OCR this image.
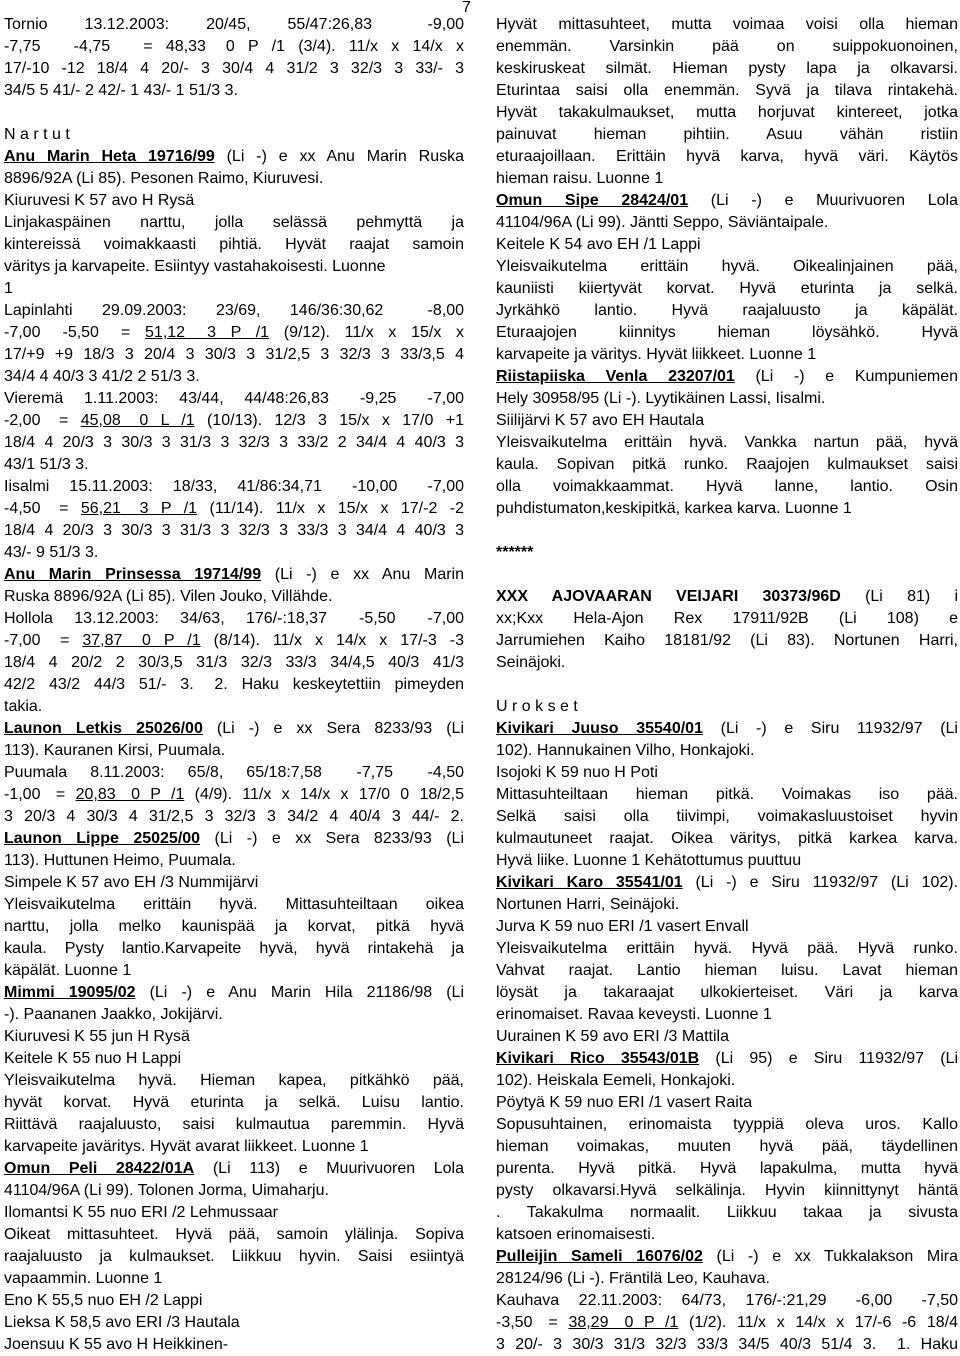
7
Tornio  13.12.2003:  20/45,  55/47:26,83   -9,00
-7,75     -4,75     =  48,33   0  P  /1  (3/4).  11/x  x  14/x  x
17/-10  -12  18/4  4  20/-  3  30/4  4  31/2  3  32/3  3  33/-  3
34/5 5 41/- 2 42/- 1 43/- 1 51/3 3.
N a r t u t
Anu Marin Heta 19716/99 (Li -) e xx Anu Marin Ruska
8896/92A (Li 85). Pesonen Raimo, Kiuruvesi.
Kiuruvesi K 57 avo H Rysä
Linjakaspäinen  narttu,  jolla  selässä  pehmyttä  ja
kintereissä  voimakkaasti  pihtiä.  Hyvät  raajat  samoin
väritys ja karvapeite. Esiintyy vastahakoisesti. Luonne
1
Lapinlahti  29.09.2003:  23/69,  146/36:30,62   -8,00
-7,00   -5,50   =  51,12   3  P  /1  (9/12).  11/x  x  15/x  x
17/+9 +9 18/3 3 20/4 3 30/3 3 31/2,5 3 32/3 3 33/3,5 4
34/4 4 40/3 3 41/2 2 51/3 3.
Vieremä  1.11.2003:  43/44,  44/48:26,83   -9,25   -7,00
-2,00   =  45,08   0  L  /1  (10/13).  12/3  3  15/x  x  17/0  +1
18/4 4 20/3 3 30/3 3 31/3 3 32/3 3 33/2 2 34/4 4 40/3 3
43/1 51/3 3.
Iisalmi  15.11.2003:  18/33,  41/86:34,71   -10,00   -7,00
-4,50   =  56,21   3  P  /1  (11/14).  11/x  x  15/x  x  17/-2  -2
18/4 4 20/3 3 30/3 3 31/3 3 32/3 3 33/3 3 34/4 4 40/3 3
43/- 9 51/3 3.
Anu Marin Prinsessa 19714/99 (Li -) e xx Anu Marin
Ruska 8896/92A (Li 85). Vilen Jouko, Villähde.
Hollola  13.12.2003:  34/63,  176/-:18,37   -5,50   -7,00
-7,00   =  37,87   0  P  /1  (8/14).  11/x  x  14/x  x  17/-3  -3
18/4 4 20/2 2 30/3,5 31/3 32/3 33/3 34/4,5 40/3 41/3
42/2  43/2  44/3  51/-  3.   2.  Haku  keskeytettiin  pimeyden
takia.
Launon Letkis 25026/00 (Li -) e xx Sera 8233/93 (Li
113). Kauranen Kirsi, Puumala.
Puumala  8.11.2003:  65/8,  65/18:7,58   -7,75   -4,50
-1,00   =  20,83   0  P  /1  (4/9).  11/x  x  14/x  x  17/0  0  18/2,5
3 20/3 4 30/3 4 31/2,5 3 32/3 3 34/2 4 40/4 3 44/- 2.
Launon Lippe 25025/00 (Li -) e xx Sera 8233/93 (Li
113). Huttunen Heimo, Puumala.
Simpele K 57 avo EH /3 Nummijärvi
Yleisvaikutelma  erittäin  hyvä.  Mittasuhteiltaan  oikea
narttu,  jolla  melko  kaunispää  ja  korvat,  pitkä  hyvä
kaula.  Pysty  lantio.Karvapeite  hyvä,  hyvä  rintakehä  ja
käpälät. Luonne 1
Mimmi 19095/02 (Li -) e Anu Marin Hila 21186/98 (Li
-). Paananen Jaakko, Jokijärvi.
Kiuruvesi K 55 jun H Rysä
Keitele K 55 nuo H Lappi
Yleisvaikutelma  hyvä.  Hieman  kapea,  pitkähkö  pää,
hyvät  korvat.  Hyvä  eturinta  ja  selkä.  Luisu  lantio.
Riittävä  raajaluusto,  saisi  kulmautua  paremmin.  Hyvä
karvapeite javäritys. Hyvät avarat liikkeet. Luonne 1
Omun Peli 28422/01A (Li 113) e Muurivuoren Lola
41104/96A (Li 99). Tolonen Jorma, Uimaharju.
Ilomantsi K 55 nuo ERI /2 Lehmussaar
Oikeat  mittasuhteet.  Hyvä  pää,  samoin  ylälinja.  Sopiva
raajaluusto  ja  kulmaukset.  Liikkuu  hyvin.  Saisi  esiintyä
vapaammin. Luonne 1
Eno K 55,5 nuo EH /2 Lappi
Lieksa K 58,5 avo ERI /3 Hautala
Joensuu K 55 avo H Heikkinen-
Hyvät  mittasuhteet,  mutta  voimaa  voisi  olla  hieman
enemmän.   Varsinkin   pää   on   suippokuonoinen,
keskiruskeat  silmät.  Hieman  pysty  lapa  ja  olkavarsi.
Eturintaa  saisi  olla  enemmän.  Syvä  ja  tilava  rintakehä.
Hyvät  takakulmaukset,  mutta  horjuvat  kintereet,  jotka
painuvat    hieman    pihtiin.    Asuu    vähän    ristiin
eturaajoillaan.  Erittäin  hyvä  karva,  hyvä  väri.  Käytös
hieman raisu. Luonne 1
Omun  Sipe  28424/01  (Li  -)  e  Muurivuoren  Lola
41104/96A (Li 99). Jäntti Seppo, Säviäntaipale.
Keitele K 54 avo EH /1 Lappi
Yleisvaikutelma   erittäin   hyvä.   Oikealinjainen   pää,
kauniisti  kiiertyvät  korvat.  Hyvä  eturinta  ja  selkä.
Jyrkähkö   lantio.   Hyvä   raajaluusto   ja   käpälät.
Eturaajojen    kiinnitys    hieman    löysähkö.    Hyvä
karvapeite ja väritys. Hyvät liikkeet. Luonne 1
Riistapiiska  Venla  23207/01  (Li  -)  e  Kumpuniemen
Hely 30958/95 (Li -). Lyytikäinen Lassi, Iisalmi.
Siilijärvi K 57 avo EH Hautala
Yleisvaikutelma  erittäin  hyvä.  Vankka  nartun  pää,  hyvä
kaula.  Sopivan  pitkä  runko.  Raajojen  kulmaukset  saisi
olla    voimakkaammat.    Hyvä    lanne,    lantio.    Osin
puhdistumaton,keskipitkä, karkea karva. Luonne 1
******
XXX  AJOVAARAN  VEIJARI  30373/96D  (Li  81)  i
xx;Kxx   Hela-Ajon   Rex   17911/92B   (Li   108)   e
Jarrumiehen  Kaiho  18181/92  (Li  83).  Nortunen  Harri,
Seinäjoki.
U r o k s e t
Kivikari  Juuso  35540/01  (Li  -)  e  Siru  11932/97  (Li
102). Hannukainen Vilho, Honkajoki.
Isojoki K 59 nuo H Poti
Mittasuhteiltaan   hieman   pitkä.   Voimakas   iso   pää.
Selkä  saisi  olla  tiivimpi,  voimakasluustoiset  hyvin
kulmautuneet  raajat.  Oikea  väritys,  pitkä  karkea  karva.
Hyvä liike. Luonne 1 Kehätottumus puuttuu
Kivikari Karo 35541/01 (Li -) e Siru 11932/97 (Li 102).
Nortunen Harri, Seinäjoki.
Jurva K 59 nuo ERI /1 vasert Envall
Yleisvaikutelma  erittäin  hyvä.  Hyvä  pää.  Hyvä  runko.
Vahvat   raajat.   Lantio   hieman   luisu.   Lavat   hieman
löysät   ja   takaraajat   ulkokierteiset.   Väri   ja   karva
erinomaiset. Ravaa keveysti. Luonne 1
Uurainen K 59 avo ERI /3 Mattila
Kivikari  Rico  35543/01B  (Li  95)  e  Siru  11932/97  (Li
102). Heiskala Eemeli, Honkajoki.
Pöytyä K 59 nuo ERI /1 vasert Raita
Sopusuhtainen,  erinomaista  tyyppiä  oleva  uros.  Kallo
hieman   voimakas,   muuten   hyvä   pää,   täydellinen
purenta.  Hyvä  pitkä.  Hyvä  lapakulma,  mutta  hyvä
pysty olkavarsi.Hyvä selkälinja. Hyvin kiinnittynyt häntä
.   Takakulma   normaalit.   Liikkuu   takaa   ja   sivusta
katsoen erinomaisesti.
Pulleijin Sameli 16076/02 (Li -) e xx Tukkalakson Mira
28124/96 (Li -). Fräntilä Leo, Kauhava.
Kauhava  22.11.2003:  64/73,  176/-:21,29   -6,00   -7,50
-3,50   =  38,29   0  P  /1  (1/2).  11/x  x  14/x  x  17/-6  -6  18/4
3 20/- 3 30/3 31/3 32/3 33/3 34/5 40/3 51/4 3.  1. Haku
